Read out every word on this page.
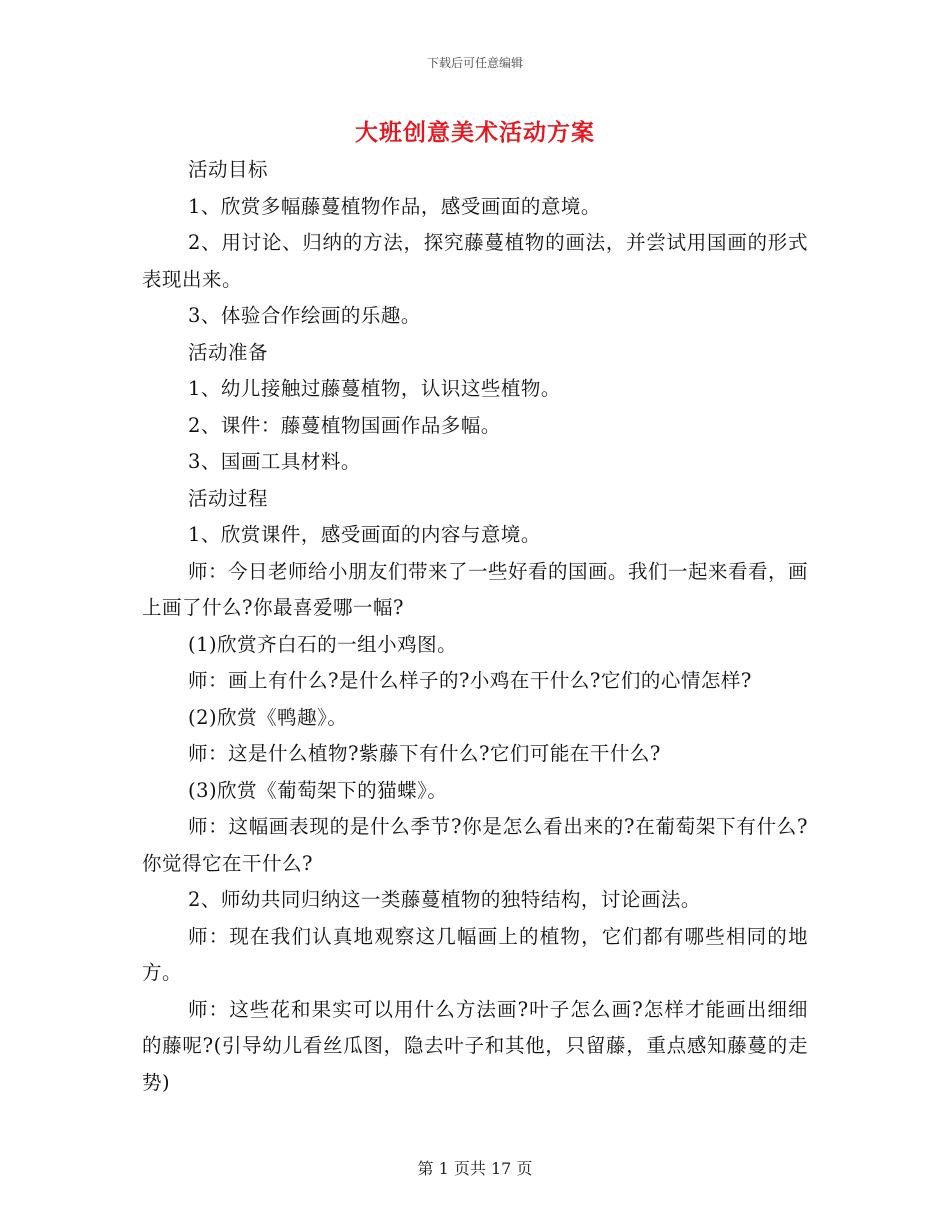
下载后可任意编辑
大班创意美术活动方案

活动目标

1、欣赏多幅藤蔓植物作品，感受画面的意境。

2、用讨论、归纳的方法，探究藤蔓植物的画法，并尝试用国画的形式表现出来。

3、体验合作绘画的乐趣。

活动准备

1、幼儿接触过藤蔓植物，认识这些植物。

2、课件：藤蔓植物国画作品多幅。

3、国画工具材料。

活动过程

1、欣赏课件，感受画面的内容与意境。

师：今日老师给小朋友们带来了一些好看的国画。我们一起来看看，画上画了什么?你最喜爱哪一幅?

(1)欣赏齐白石的一组小鸡图。

师：画上有什么?是什么样子的?小鸡在干什么?它们的心情怎样?

(2)欣赏《鸭趣》。

师：这是什么植物?紫藤下有什么?它们可能在干什么?

(3)欣赏《葡萄架下的猫蝶》。

师：这幅画表现的是什么季节?你是怎么看出来的?在葡萄架下有什么?你觉得它在干什么?

2、师幼共同归纳这一类藤蔓植物的独特结构，讨论画法。

师：现在我们认真地观察这几幅画上的植物，它们都有哪些相同的地方。

师：这些花和果实可以用什么方法画?叶子怎么画?怎样才能画出细细的藤呢?(引导幼儿看丝瓜图，隐去叶子和其他，只留藤，重点感知藤蔓的走势)

第 1 页共 17 页
